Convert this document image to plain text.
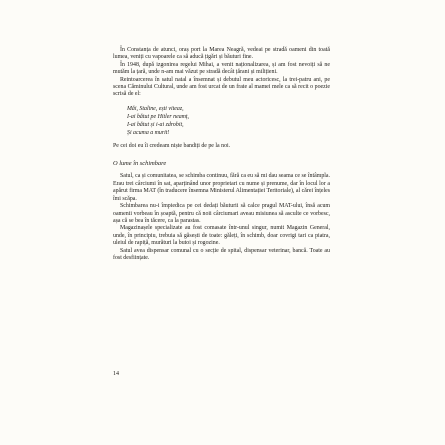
În Constanța de atunci, oraș port la Marea Neagră, vedeai pe stradă oameni din toată lumea, veniți cu vapoarele ca să aducă țigări și băuturi fine.

În 1948, după izgonirea regelui Mihai, a venit naționalizarea, și am fost nevoiți să ne mutăm la țară, unde n-am mai văzut pe stradă decât țărani și milițieni.

Reintoarcerea în satul natal a însemnat și debutul meu actoricesc, la trei-patru ani, pe scena Căminului Cultural, unde am fost urcat de un frate al mamei mele ca să recit o poezie scrisă de el:

Măi, Staline, ești viteaz,
I-ai bătut pe Hitler neamț,
I-ai bătut și i-ai zdrobit,
Și acuma a murit!

Pe cei doi eu îi credeam niște bandiți de pe la noi.

O lume în schimbare

Satul, ca și comunitatea, se schimba continuu, fără ca eu să mi dau seama ce se întâmpla. Erau trei cârciumi în sat, aparținând unor proprietari cu nume și prenume, dar în locul lor a apărut firma MAT (în traducere însemna Ministerul Alimentației Teritoriale), al cărei înțeles îmi scăpa.

Schimbarea nu-i împiedica pe cei dedați băuturii să calce pragul MAT-ului, însă acum oamenii vorbeau în șoaptă, pentru că noii cârciumari aveau misiunea să asculte ce vorbesc, așa că se bea în tăcere, ca la parastas.

Magazinașele specializate au fost comasate într-unul singur, numit Magazin General, unde, în principiu, trebuia să găsești de toate: găleți, în schimb, doar covrigi tari ca piatra, uleiul de rapiță, murături la butoi și rogozine.

Satul avea dispensar comunal cu o secție de spital, dispensar veterinar, bancă. Toate au fost desființate.

14
